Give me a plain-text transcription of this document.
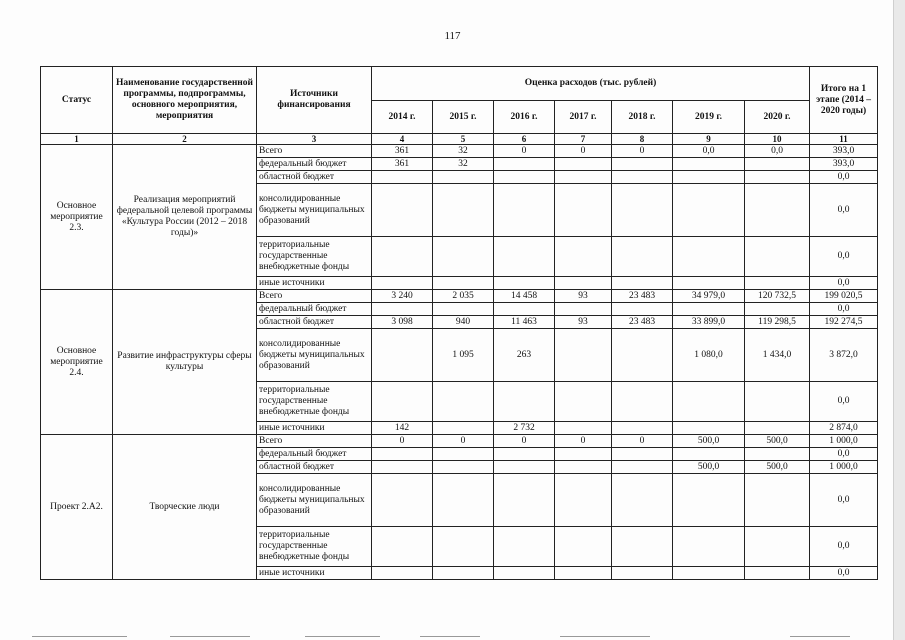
117
Статус	Наименование государственной программы, подпрограммы, основного мероприятия, мероприятия	Источники финансирования	Оценка расходов (тыс. рублей)							Итого на 1 этапе (2014 – 2020 годы)
			2014 г.	2015 г.	2016 г.	2017 г.	2018 г.	2019 г.	2020 г.	
1	2	3	4	5	6	7	8	9	10	11
Основное мероприятие 2.3.	Реализация мероприятий федеральной целевой программы «Культура России (2012 – 2018 годы)»	Всего	361	32	0	0	0	0,0	0,0	393,0
		федеральный бюджет	361	32						393,0
		областной бюджет								0,0
		консолидированные бюджеты муниципальных образований								0,0
		территориальные государственные внебюджетные фонды								0,0
		иные источники								0,0
Основное мероприятие 2.4.	Развитие инфраструктуры сферы культуры	Всего	3 240	2 035	14 458	93	23 483	34 979,0	120 732,5	199 020,5
		федеральный бюджет								0,0
		областной бюджет	3 098	940	11 463	93	23 483	33 899,0	119 298,5	192 274,5
		консолидированные бюджеты муниципальных образований		1 095	263			1 080,0	1 434,0	3 872,0
		территориальные государственные внебюджетные фонды								0,0
		иные источники	142		2 732					2 874,0
Проект 2.А2.	Творческие люди	Всего	0	0	0	0	0	500,0	500,0	1 000,0
		федеральный бюджет								0,0
		областной бюджет						500,0	500,0	1 000,0
		консолидированные бюджеты муниципальных образований								0,0
		территориальные государственные внебюджетные фонды								0,0
		иные источники								0,0
